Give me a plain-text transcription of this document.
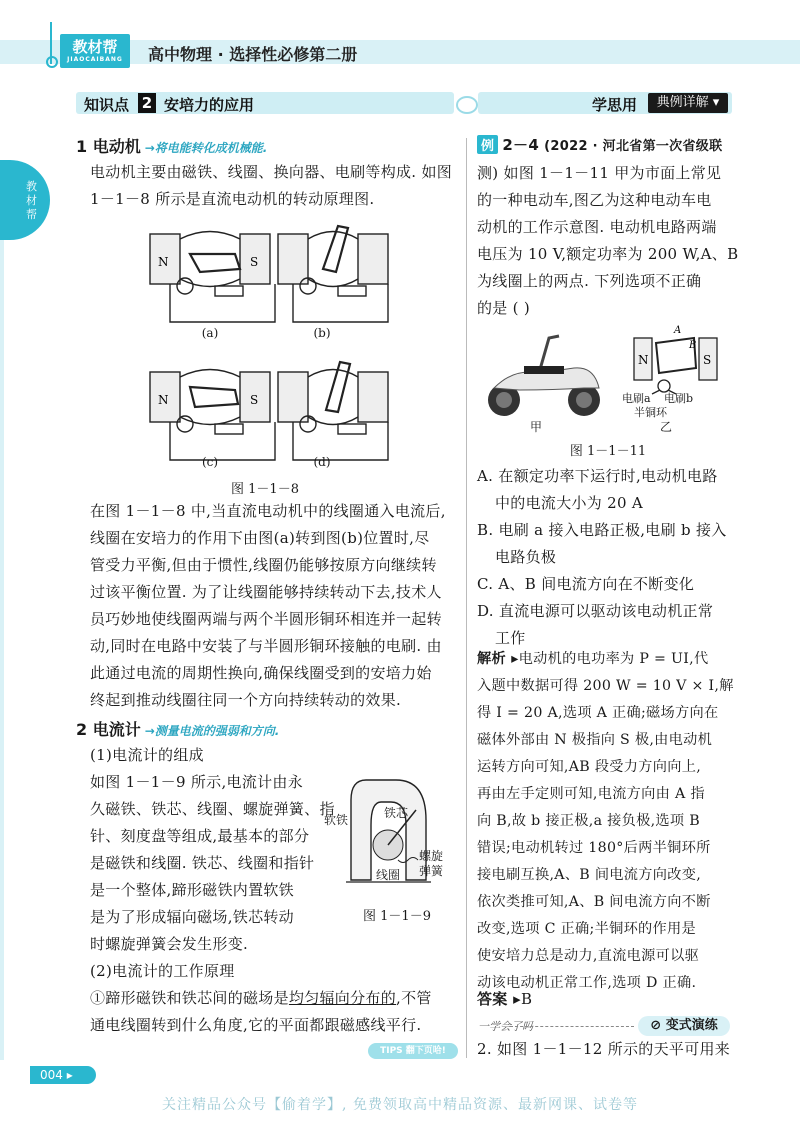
教材帮
JIAOCAIBANG	高中物理 · 选择性必修第二册
知识点 2 安培力的应用	学思用	典例详解 ▾
教材帮
1 电动机 →将电能转化成机械能.
电动机主要由磁铁、线圈、换向器、电刷等构成. 如图
1－1－8 所示是直流电动机的转动原理图.
N	S
N	S
(a)	(b)
(c)	(d)
图 1－1－8
在图 1－1－8 中,当直流电动机中的线圈通入电流后,
线圈在安培力的作用下由图(a)转到图(b)位置时,尽
管受力平衡,但由于惯性,线圈仍能够按原方向继续转
过该平衡位置. 为了让线圈能够持续转动下去,技术人
员巧妙地使线圈两端与两个半圆形铜环相连并一起转
动,同时在电路中安装了与半圆形铜环接触的电刷. 由
此通过电流的周期性换向,确保线圈受到的安培力始
终起到推动线圈往同一个方向持续转动的效果.
2 电流计 →测量电流的强弱和方向.
(1)电流计的组成
如图 1－1－9 所示,电流计由永
久磁铁、铁芯、线圈、螺旋弹簧、指
针、刻度盘等组成,最基本的部分
是磁铁和线圈. 铁芯、线圈和指针
是一个整体,蹄形磁铁内置软铁
是为了形成辐向磁场,铁芯转动
时螺旋弹簧会发生形变.
软铁	铁芯
螺旋
弹簧
线圈
图 1－1－9
(2)电流计的工作原理
①蹄形磁铁和铁芯间的磁场是均匀辐向分布的,不管
通电线圈转到什么角度,它的平面都跟磁感线平行.
TIPS 翻下页哈!
例 2－4 (2022 · 河北省第一次省级联
测) 如图 1－1－11 甲为市面上常见
的一种电动车,图乙为这种电动车电
动机的工作示意图. 电动机电路两端
电压为 10 V,额定功率为 200 W,A、B
为线圈上的两点. 下列选项不正确
的是 ( )
N	S
A
B
电刷a 电刷b
半铜环
甲	乙
图 1－1－11
A. 在额定功率下运行时,电动机电路
中的电流大小为 20 A
B. 电刷 a 接入电路正极,电刷 b 接入
电路负极
C. A、B 间电流方向在不断变化
D. 直流电源可以驱动该电动机正常
工作
解析 ▸电动机的电功率为 P = UI,代
入题中数据可得 200 W = 10 V × I,解
得 I = 20 A,选项 A 正确;磁场方向在
磁体外部由 N 极指向 S 极,由电动机
运转方向可知,AB 段受力方向向上,
再由左手定则可知,电流方向由 A 指
向 B,故 b 接正极,a 接负极,选项 B
错误;电动机转过 180°后两半铜环所
接电刷互换,A、B 间电流方向改变,
依次类推可知,A、B 间电流方向不断
改变,选项 C 正确;半铜环的作用是
使安培力总是动力,直流电源可以驱
动该电动机正常工作,选项 D 正确.
答案 ▸B
一学会了吗	⊘ 变式演练
2. 如图 1－1－12 所示的天平可用来
004 ▸
关注精品公众号【偷着学】, 免费领取高中精品资源、最新网课、试卷等
